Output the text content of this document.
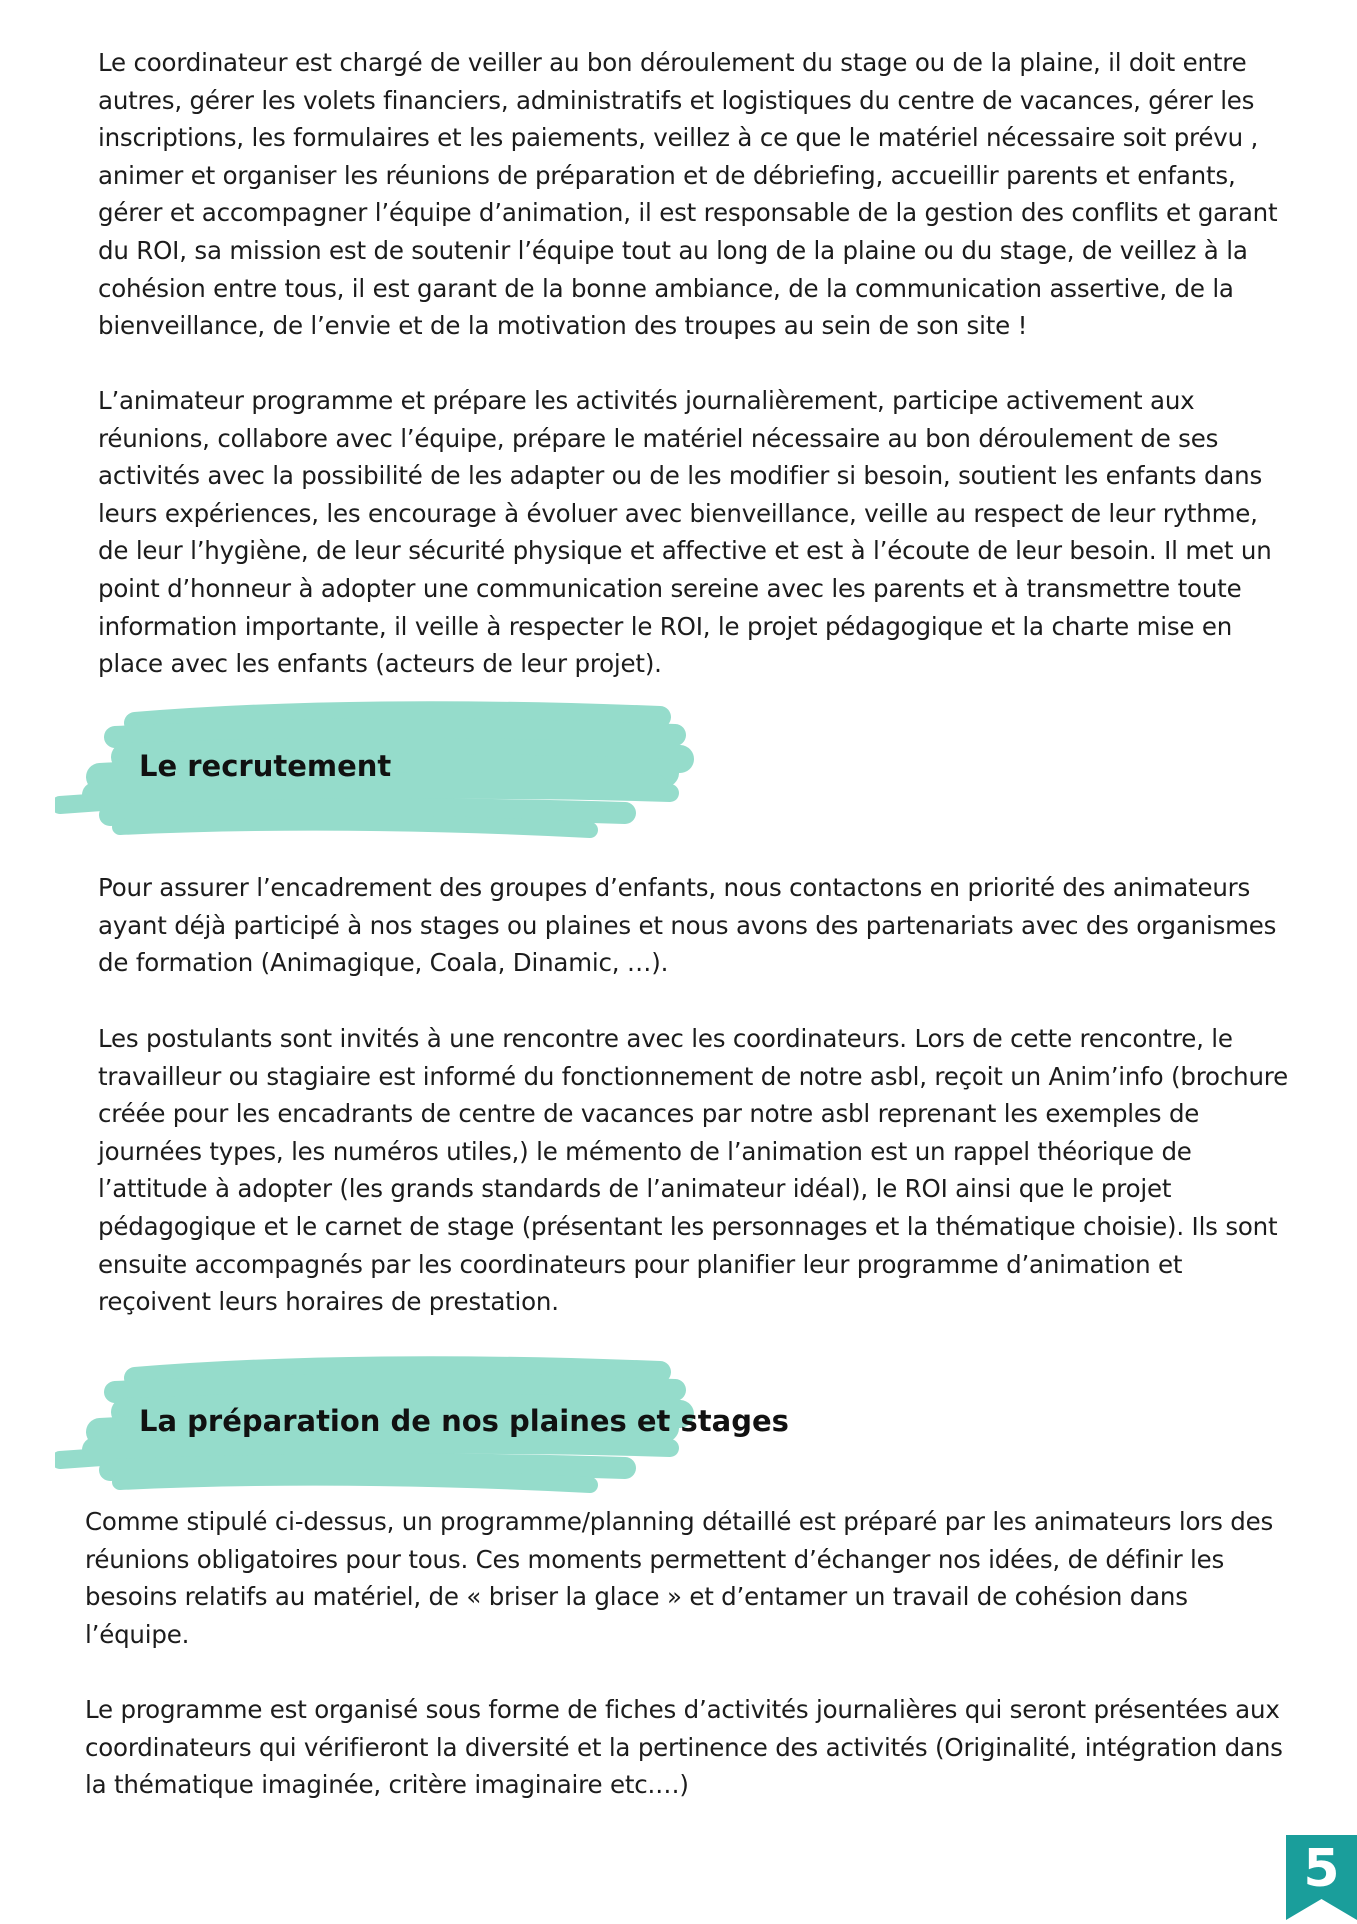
Le coordinateur est chargé de veiller au bon déroulement du stage ou de la plaine, il doit entre autres, gérer les volets financiers, administratifs et logistiques du centre de vacances, gérer les inscriptions, les formulaires et les paiements, veillez à ce que le matériel nécessaire soit prévu , animer et organiser les réunions de préparation et de débriefing, accueillir parents et enfants, gérer et accompagner l’équipe d’animation, il est responsable de la gestion des conflits et garant du ROI, sa mission est de soutenir l’équipe tout au long de la plaine ou du stage, de veillez à la cohésion entre tous, il est garant de la bonne ambiance, de la communication assertive, de la bienveillance, de l’envie et de la motivation des troupes au sein de son site !

L’animateur programme et prépare les activités journalièrement, participe activement aux réunions, collabore avec l’équipe, prépare le matériel nécessaire au bon déroulement de ses activités avec la possibilité de les adapter ou de les modifier si besoin, soutient les enfants dans leurs expériences, les encourage à évoluer avec bienveillance, veille au respect de leur rythme, de leur l’hygiène, de leur sécurité physique et affective et est à l’écoute de leur besoin. Il met un point d’honneur à adopter une communication sereine avec les parents et à transmettre toute information importante, il veille à respecter le ROI, le projet pédagogique et la charte mise en place avec les enfants (acteurs de leur projet).

Le recrutement

Pour assurer l’encadrement des groupes d’enfants, nous contactons en priorité des animateurs ayant déjà participé à nos stages ou plaines et nous avons des partenariats avec des organismes de formation (Animagique, Coala, Dinamic, …).

Les postulants sont invités à une rencontre avec les coordinateurs. Lors de cette rencontre, le travailleur ou stagiaire est informé du fonctionnement de notre asbl, reçoit un Anim’info (brochure créée pour les encadrants de centre de vacances par notre asbl reprenant les exemples de journées types, les numéros utiles,) le mémento de l’animation est un rappel théorique de l’attitude à adopter (les grands standards de l’animateur idéal), le ROI ainsi que le projet pédagogique et le carnet de stage (présentant les personnages et la thématique choisie). Ils sont ensuite accompagnés par les coordinateurs pour planifier leur programme d’animation et reçoivent leurs horaires de prestation.

La préparation de nos plaines et stages

Comme stipulé ci-dessus, un programme/planning détaillé est préparé par les animateurs lors des réunions obligatoires pour tous. Ces moments permettent d’échanger nos idées, de définir les besoins relatifs au matériel, de « briser la glace » et d’entamer un travail de cohésion dans l’équipe.

Le programme est organisé sous forme de fiches d’activités journalières qui seront présentées aux coordinateurs qui vérifieront la diversité et la pertinence des activités (Originalité, intégration dans la thématique imaginée, critère imaginaire etc.…)

5
